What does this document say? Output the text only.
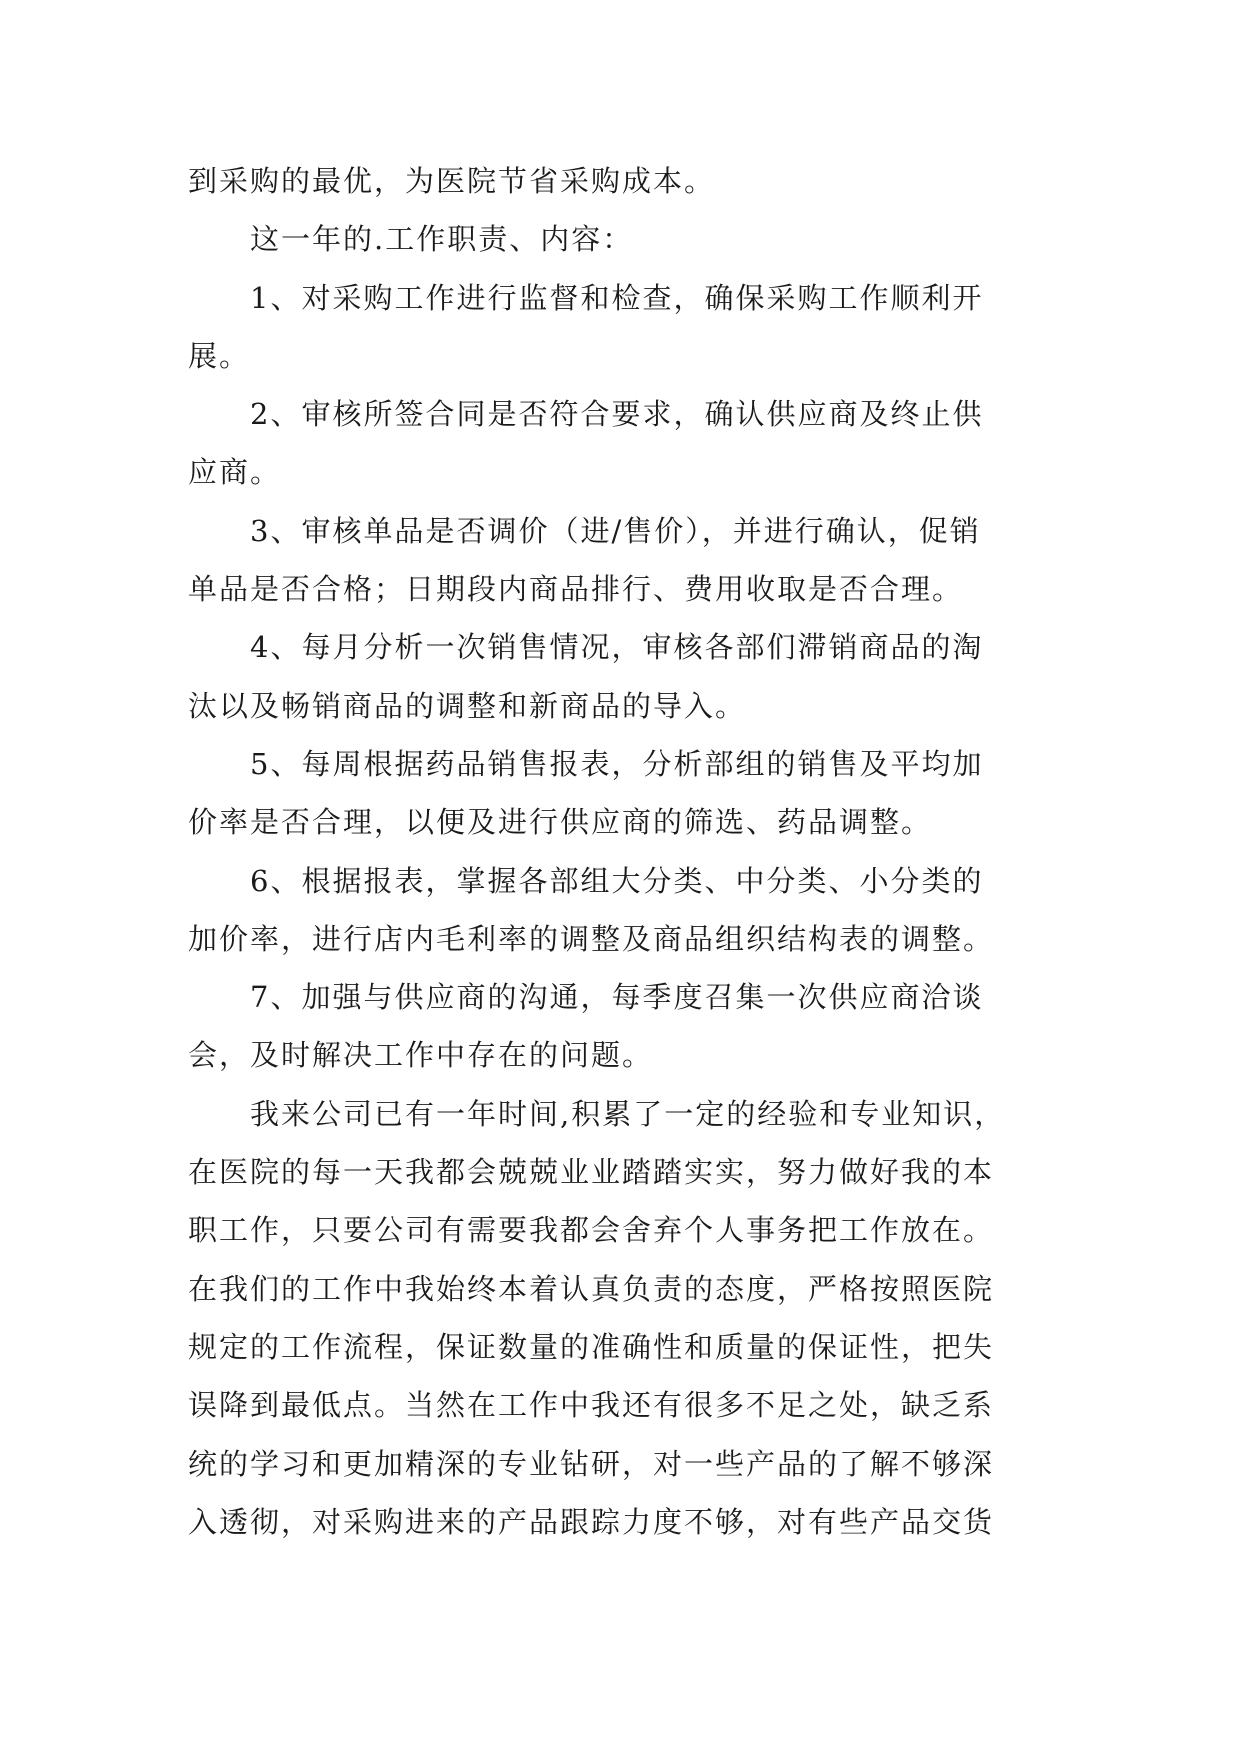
到采购的最优，为医院节省采购成本。
这一年的.工作职责、内容：
1、对采购工作进行监督和检查，确保采购工作顺利开
展。
2、审核所签合同是否符合要求，确认供应商及终止供
应商。
3、审核单品是否调价（进/售价），并进行确认，促销
单品是否合格；日期段内商品排行、费用收取是否合理。
4、每月分析一次销售情况，审核各部们滞销商品的淘
汰以及畅销商品的调整和新商品的导入。
5、每周根据药品销售报表，分析部组的销售及平均加
价率是否合理，以便及进行供应商的筛选、药品调整。
6、根据报表，掌握各部组大分类、中分类、小分类的
加价率，进行店内毛利率的调整及商品组织结构表的调整。
7、加强与供应商的沟通，每季度召集一次供应商洽谈
会，及时解决工作中存在的问题。
我来公司已有一年时间,积累了一定的经验和专业知识，
在医院的每一天我都会兢兢业业踏踏实实，努力做好我的本
职工作，只要公司有需要我都会舍弃个人事务把工作放在。
在我们的工作中我始终本着认真负责的态度，严格按照医院
规定的工作流程，保证数量的准确性和质量的保证性，把失
误降到最低点。当然在工作中我还有很多不足之处，缺乏系
统的学习和更加精深的专业钻研，对一些产品的了解不够深
入透彻，对采购进来的产品跟踪力度不够，对有些产品交货
